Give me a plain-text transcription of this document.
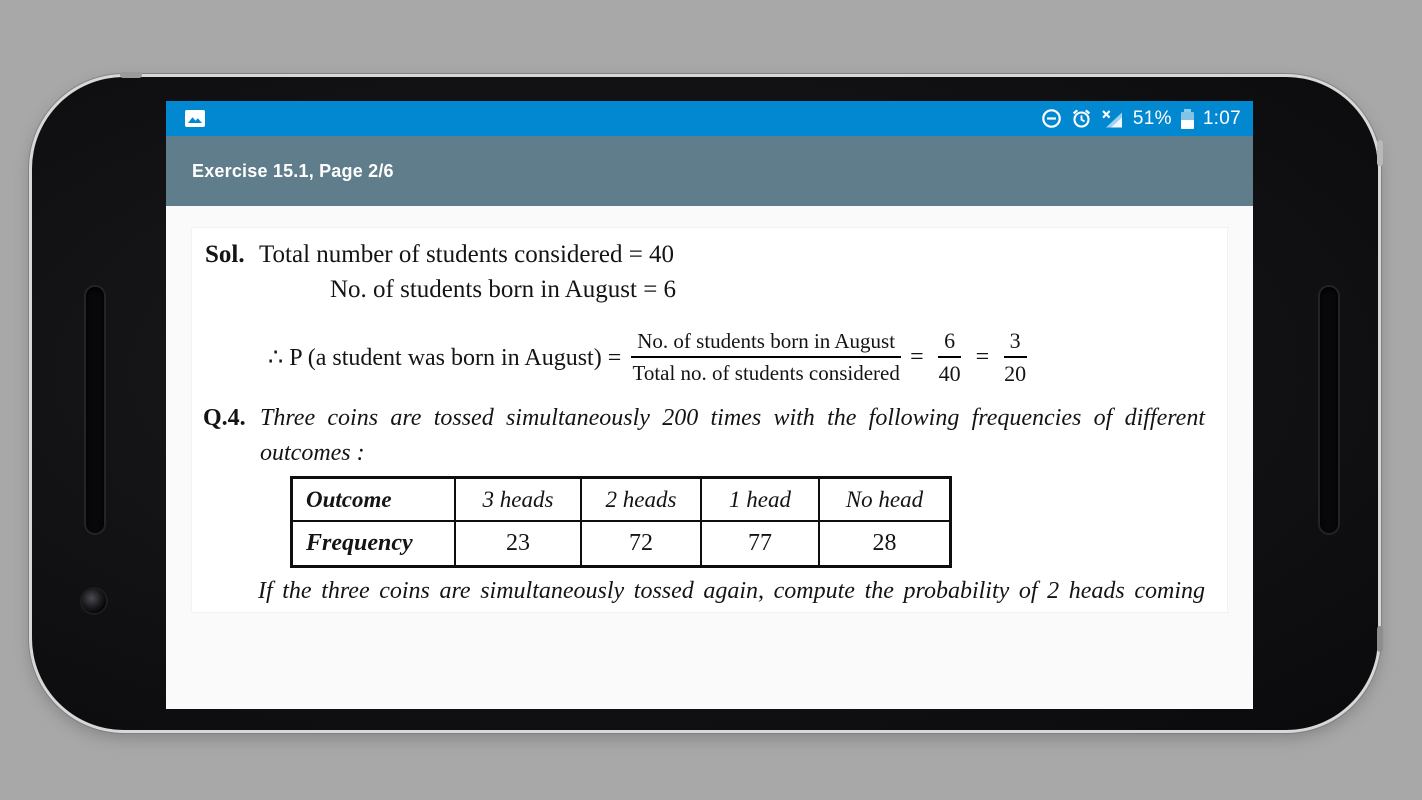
51% 1:07
Exercise 15.1, Page 2/6
Sol. Total number of students considered = 40
No. of students born in August = 6
∴ P (a student was born in August) = $\frac{\text{No. of students born in August}}{\text{Total no. of students considered}} = \frac{6}{40} = \frac{3}{20}$
Q.4. Three coins are tossed simultaneously 200 times with the following frequencies of different
outcomes :
Outcome	3 heads	2 heads	1 head	No head
Frequency	23	72	77	28
If the three coins are simultaneously tossed again, compute the probability of 2 heads coming
